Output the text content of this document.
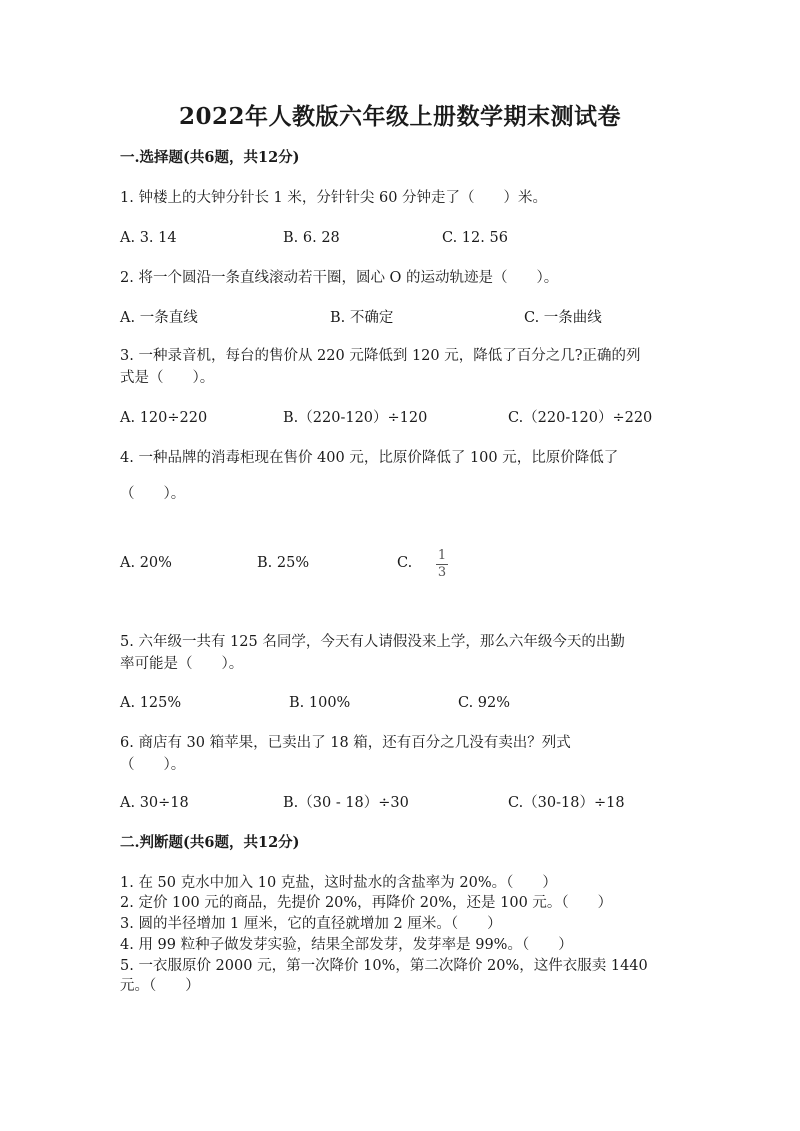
2022年人教版六年级上册数学期末测试卷
一.选择题(共6题，共12分)
1. 钟楼上的大钟分针长 1 米，分针针尖 60 分钟走了（　　）米。
A. 3. 14	B. 6. 28	C. 12. 56
2. 将一个圆沿一条直线滚动若干圈，圆心 O 的运动轨迹是（　　）。
A. 一条直线	B. 不确定	C. 一条曲线
3. 一种录音机，每台的售价从 220 元降低到 120 元，降低了百分之几?正确的列
式是（　　）。
A. 120÷220	B.（220-120）÷120	C.（220-120）÷220
4. 一种品牌的消毒柜现在售价 400 元，比原价降低了 100 元，比原价降低了
（　　）。
A. 20%	B. 25%	C. 1
3
5. 六年级一共有 125 名同学，今天有人请假没来上学，那么六年级今天的出勤
率可能是（　　）。
A. 125%	B. 100%	C. 92%
6. 商店有 30 箱苹果，已卖出了 18 箱，还有百分之几没有卖出？列式
（　　）。
A. 30÷18	B.（30 - 18）÷30	C.（30-18）÷18
二.判断题(共6题，共12分)
1. 在 50 克水中加入 10 克盐，这时盐水的含盐率为 20%。（　　）
2. 定价 100 元的商品，先提价 20%，再降价 20%，还是 100 元。（　　）
3. 圆的半径增加 1 厘米，它的直径就增加 2 厘米。（　　）
4. 用 99 粒种子做发芽实验，结果全部发芽，发芽率是 99%。（　　）
5. 一衣服原价 2000 元，第一次降价 10%，第二次降价 20%，这件衣服卖 1440
元。（　　）
